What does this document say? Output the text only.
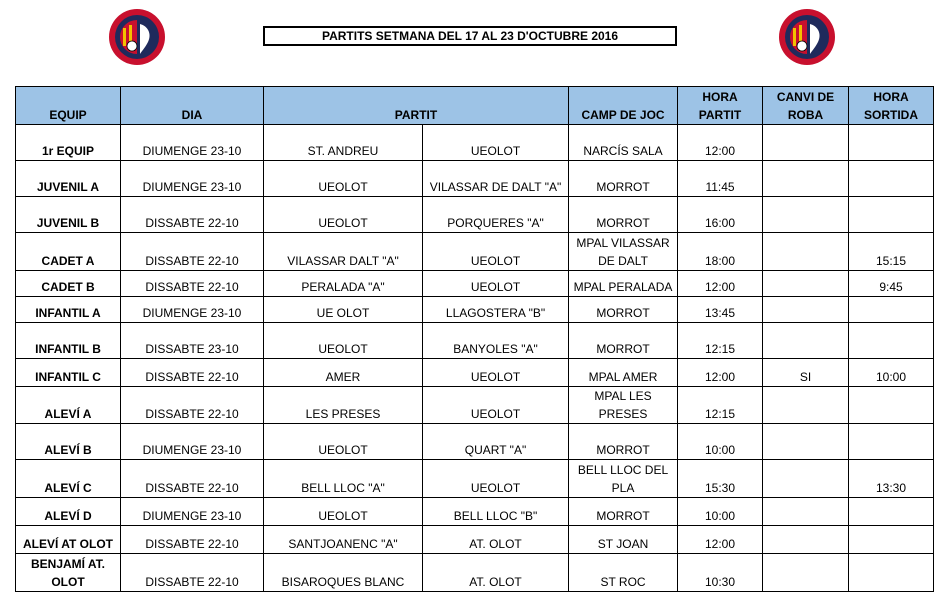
PARTITS SETMANA DEL 17 AL 23 D'OCTUBRE 2016
EQUIP	DIA	PARTIT		CAMP DE JOC	HORA PARTIT	CANVI DE ROBA	HORA SORTIDA
1r EQUIP	DIUMENGE 23-10	ST. ANDREU	UEOLOT	NARCÍS SALA	12:00		
JUVENIL A	DIUMENGE 23-10	UEOLOT	VILASSAR DE DALT "A"	MORROT	11:45		
JUVENIL B	DISSABTE 22-10	UEOLOT	PORQUERES "A"	MORROT	16:00		
CADET A	DISSABTE 22-10	VILASSAR DALT "A"	UEOLOT	MPAL VILASSAR DE DALT	18:00		15:15
CADET B	DISSABTE 22-10	PERALADA "A"	UEOLOT	MPAL PERALADA	12:00		9:45
INFANTIL A	DIUMENGE 23-10	UE OLOT	LLAGOSTERA "B"	MORROT	13:45		
INFANTIL B	DISSABTE 23-10	UEOLOT	BANYOLES "A"	MORROT	12:15		
INFANTIL C	DISSABTE 22-10	AMER	UEOLOT	MPAL AMER	12:00	SI	10:00
ALEVÍ A	DISSABTE 22-10	LES PRESES	UEOLOT	MPAL LES PRESES	12:15		
ALEVÍ B	DIUMENGE 23-10	UEOLOT	QUART "A"	MORROT	10:00		
ALEVÍ C	DISSABTE 22-10	BELL LLOC "A"	UEOLOT	BELL LLOC DEL PLA	15:30		13:30
ALEVÍ D	DIUMENGE 23-10	UEOLOT	BELL LLOC "B"	MORROT	10:00		
ALEVÍ AT OLOT	DISSABTE 22-10	SANTJOANENC "A"	AT. OLOT	ST JOAN	12:00		
BENJAMÍ AT. OLOT	DISSABTE 22-10	BISAROQUES BLANC	AT. OLOT	ST ROC	10:30		
